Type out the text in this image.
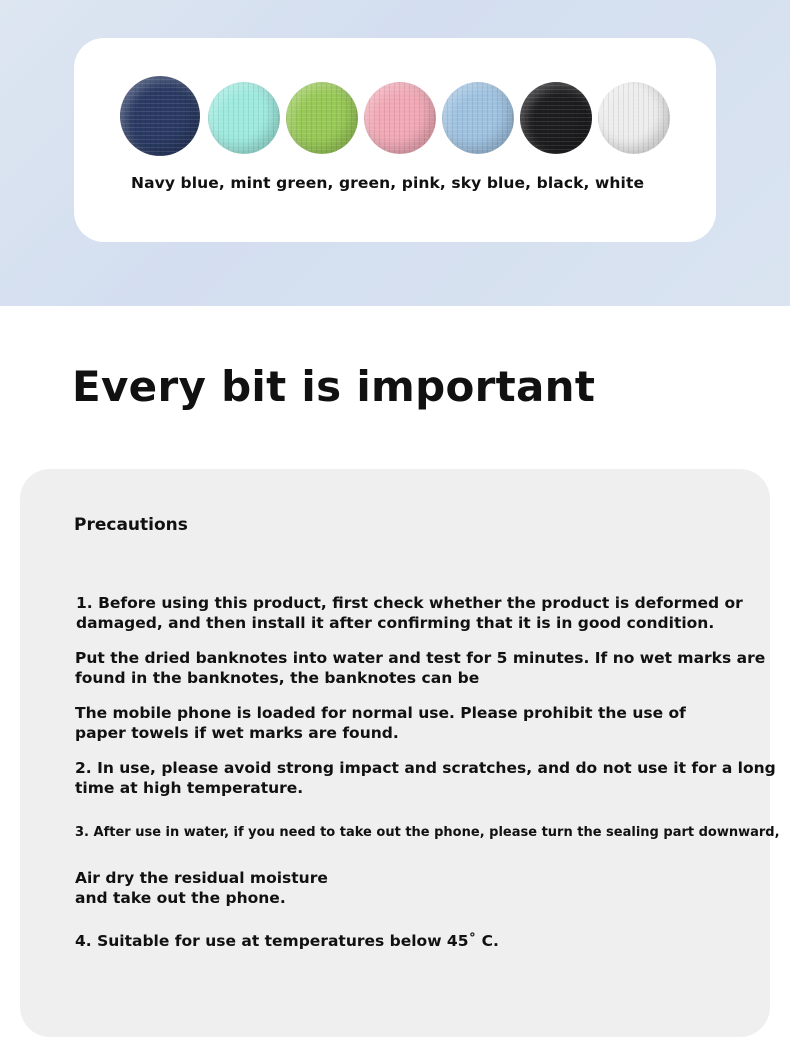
Navy blue, mint green, green, pink, sky blue, black, white
Every bit is important
Precautions

1. Before using this product, first check whether the product is deformed or
damaged, and then install it after confirming that it is in good condition.

Put the dried banknotes into water and test for 5 minutes. If no wet marks are
found in the banknotes, the banknotes can be

The mobile phone is loaded for normal use. Please prohibit the use of
paper towels if wet marks are found.

2. In use, please avoid strong impact and scratches, and do not use it for a long
time at high temperature.

3. After use in water, if you need to take out the phone, please turn the sealing part downward,

Air dry the residual moisture
and take out the phone.

4. Suitable for use at temperatures below 45˚ C.
